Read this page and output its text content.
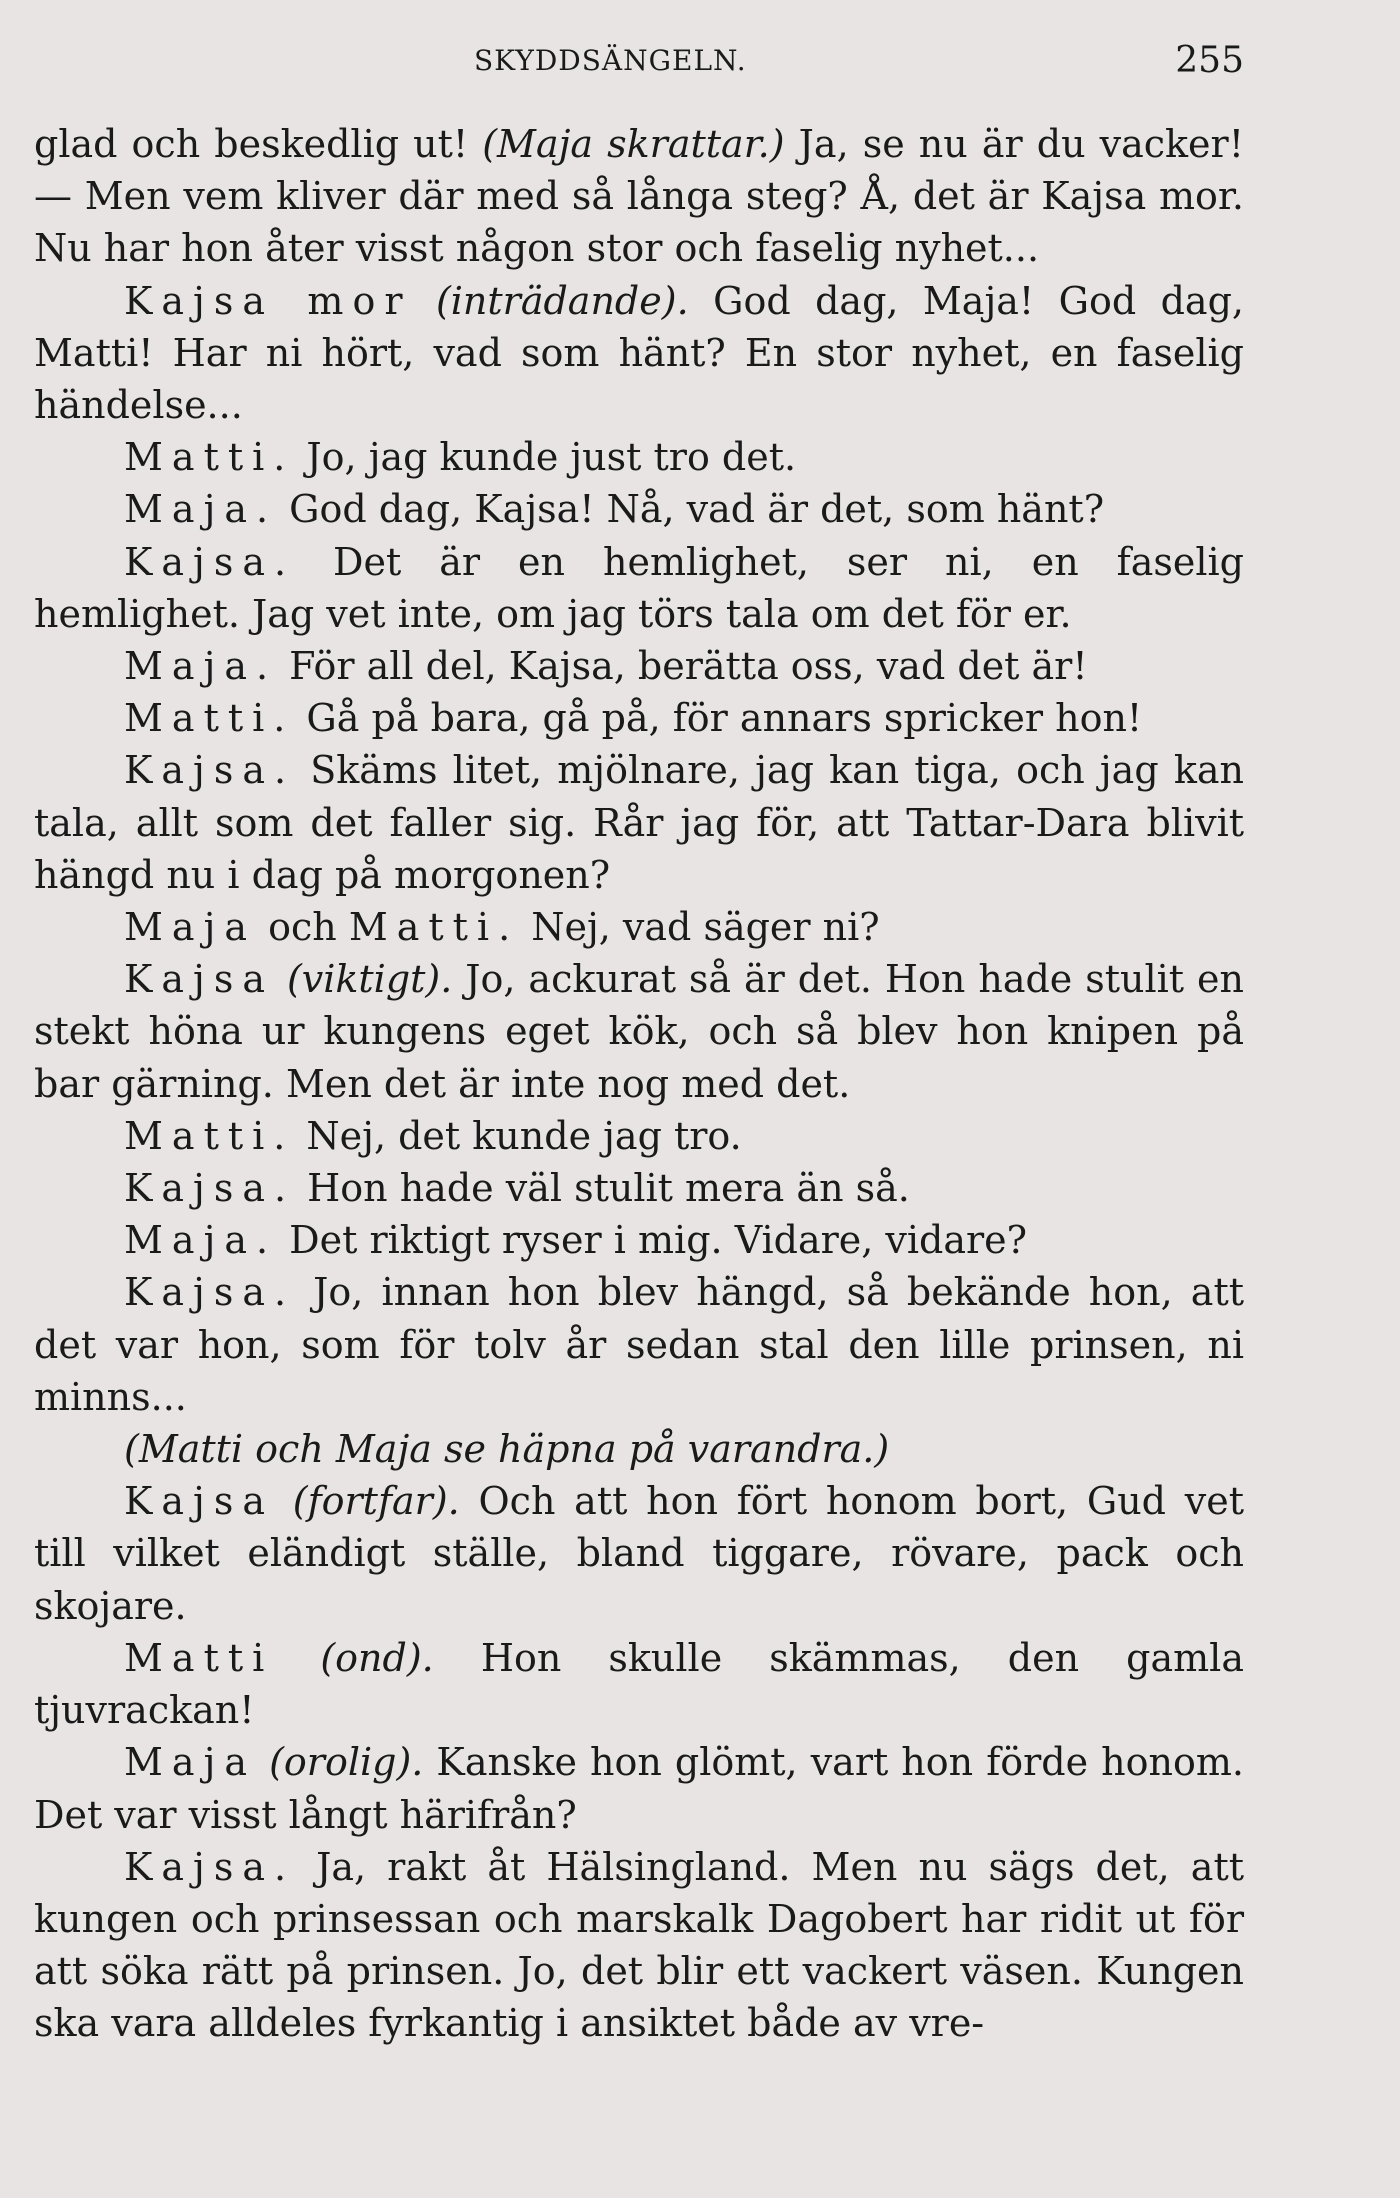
SKYDDSÄNGELN.	255

glad och beskedlig ut! (Maja skrattar.) Ja, se nu är du vacker! — Men vem kliver där med så långa steg? Å, det är Kajsa mor. Nu har hon åter visst någon stor och faselig nyhet...

Kajsa mor (inträdande). God dag, Maja! God dag, Matti! Har ni hört, vad som hänt? En stor nyhet, en faselig händelse...

Matti. Jo, jag kunde just tro det.

Maja. God dag, Kajsa! Nå, vad är det, som hänt?

Kajsa. Det är en hemlighet, ser ni, en faselig hemlighet. Jag vet inte, om jag törs tala om det för er.

Maja. För all del, Kajsa, berätta oss, vad det är!

Matti. Gå på bara, gå på, för annars spricker hon!

Kajsa. Skäms litet, mjölnare, jag kan tiga, och jag kan tala, allt som det faller sig. Rår jag för, att Tattar-Dara blivit hängd nu i dag på morgonen?

Maja och Matti. Nej, vad säger ni?

Kajsa (viktigt). Jo, ackurat så är det. Hon hade stulit en stekt höna ur kungens eget kök, och så blev hon knipen på bar gärning. Men det är inte nog med det.

Matti. Nej, det kunde jag tro.

Kajsa. Hon hade väl stulit mera än så.

Maja. Det riktigt ryser i mig. Vidare, vidare?

Kajsa. Jo, innan hon blev hängd, så bekände hon, att det var hon, som för tolv år sedan stal den lille prinsen, ni minns...

(Matti och Maja se häpna på varandra.)

Kajsa (fortfar). Och att hon fört honom bort, Gud vet till vilket eländigt ställe, bland tiggare, rövare, pack och skojare.

Matti (ond). Hon skulle skämmas, den gamla tjuvrackan!

Maja (orolig). Kanske hon glömt, vart hon förde honom. Det var visst långt härifrån?

Kajsa. Ja, rakt åt Hälsingland. Men nu sägs det, att kungen och prinsessan och marskalk Dagobert har ridit ut för att söka rätt på prinsen. Jo, det blir ett vackert väsen. Kungen ska vara alldeles fyrkantig i ansiktet både av vre-
